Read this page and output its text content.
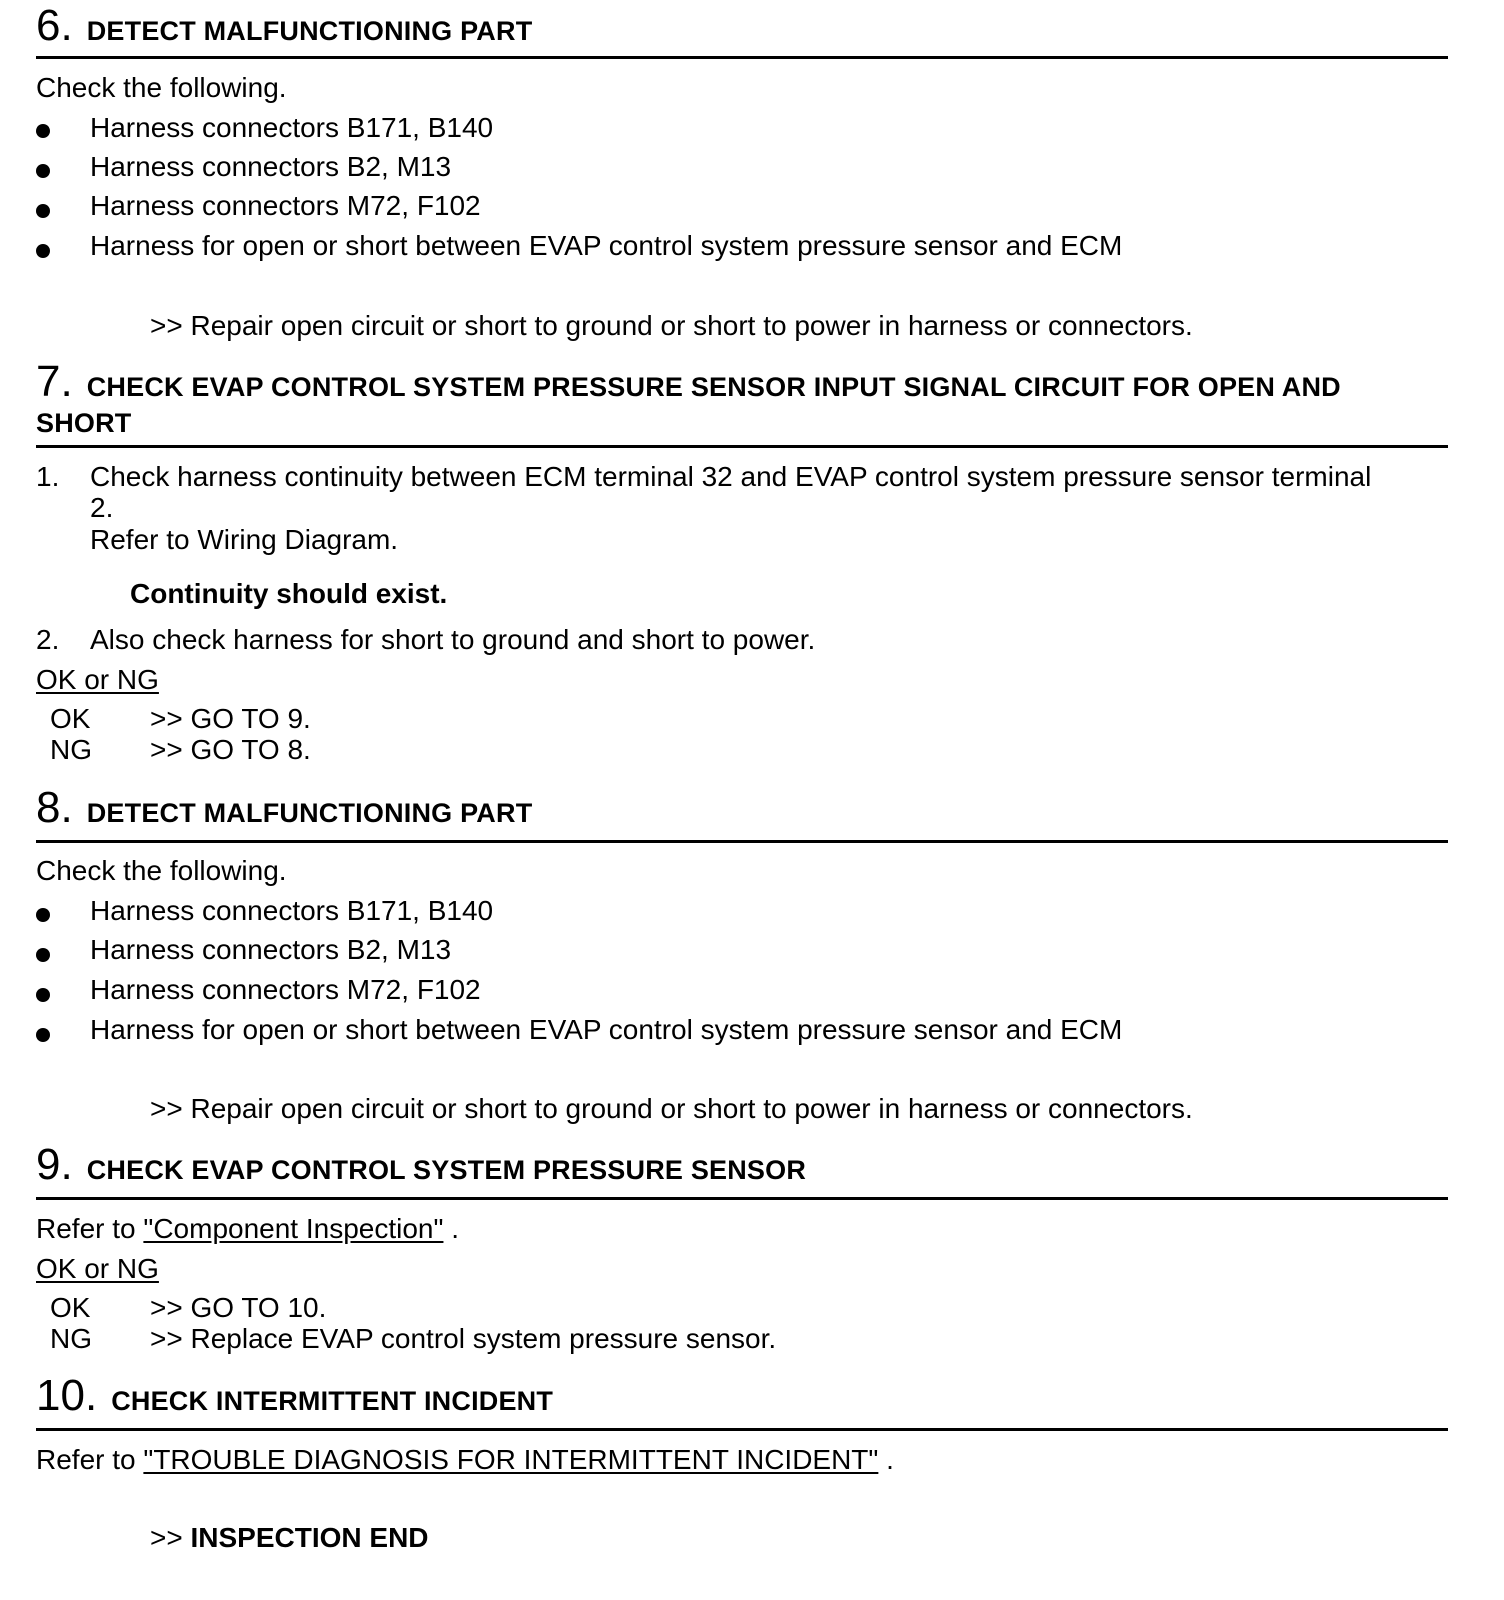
6 . DETECT MALFUNCTIONING PART
Check the following.
Harness connectors B171, B140
Harness connectors B2, M13
Harness connectors M72, F102
Harness for open or short between EVAP control system pressure sensor and ECM
>> Repair open circuit or short to ground or short to power in harness or connectors.
7 . CHECK EVAP CONTROL SYSTEM PRESSURE SENSOR INPUT SIGNAL CIRCUIT FOR OPEN AND
SHORT
1. Check harness continuity between ECM terminal 32 and EVAP control system pressure sensor terminal
2.
Refer to Wiring Diagram.
Continuity should exist.
2. Also check harness for short to ground and short to power.
OK or NG
OK >> GO TO 9.
NG >> GO TO 8.
8 . DETECT MALFUNCTIONING PART
Check the following.
Harness connectors B171, B140
Harness connectors B2, M13
Harness connectors M72, F102
Harness for open or short between EVAP control system pressure sensor and ECM
>> Repair open circuit or short to ground or short to power in harness or connectors.
9 . CHECK EVAP CONTROL SYSTEM PRESSURE SENSOR
Refer to "Component Inspection" .
OK or NG
OK >> GO TO 10.
NG >> Replace EVAP control system pressure sensor.
10 . CHECK INTERMITTENT INCIDENT
Refer to "TROUBLE DIAGNOSIS FOR INTERMITTENT INCIDENT" .
>> INSPECTION END
